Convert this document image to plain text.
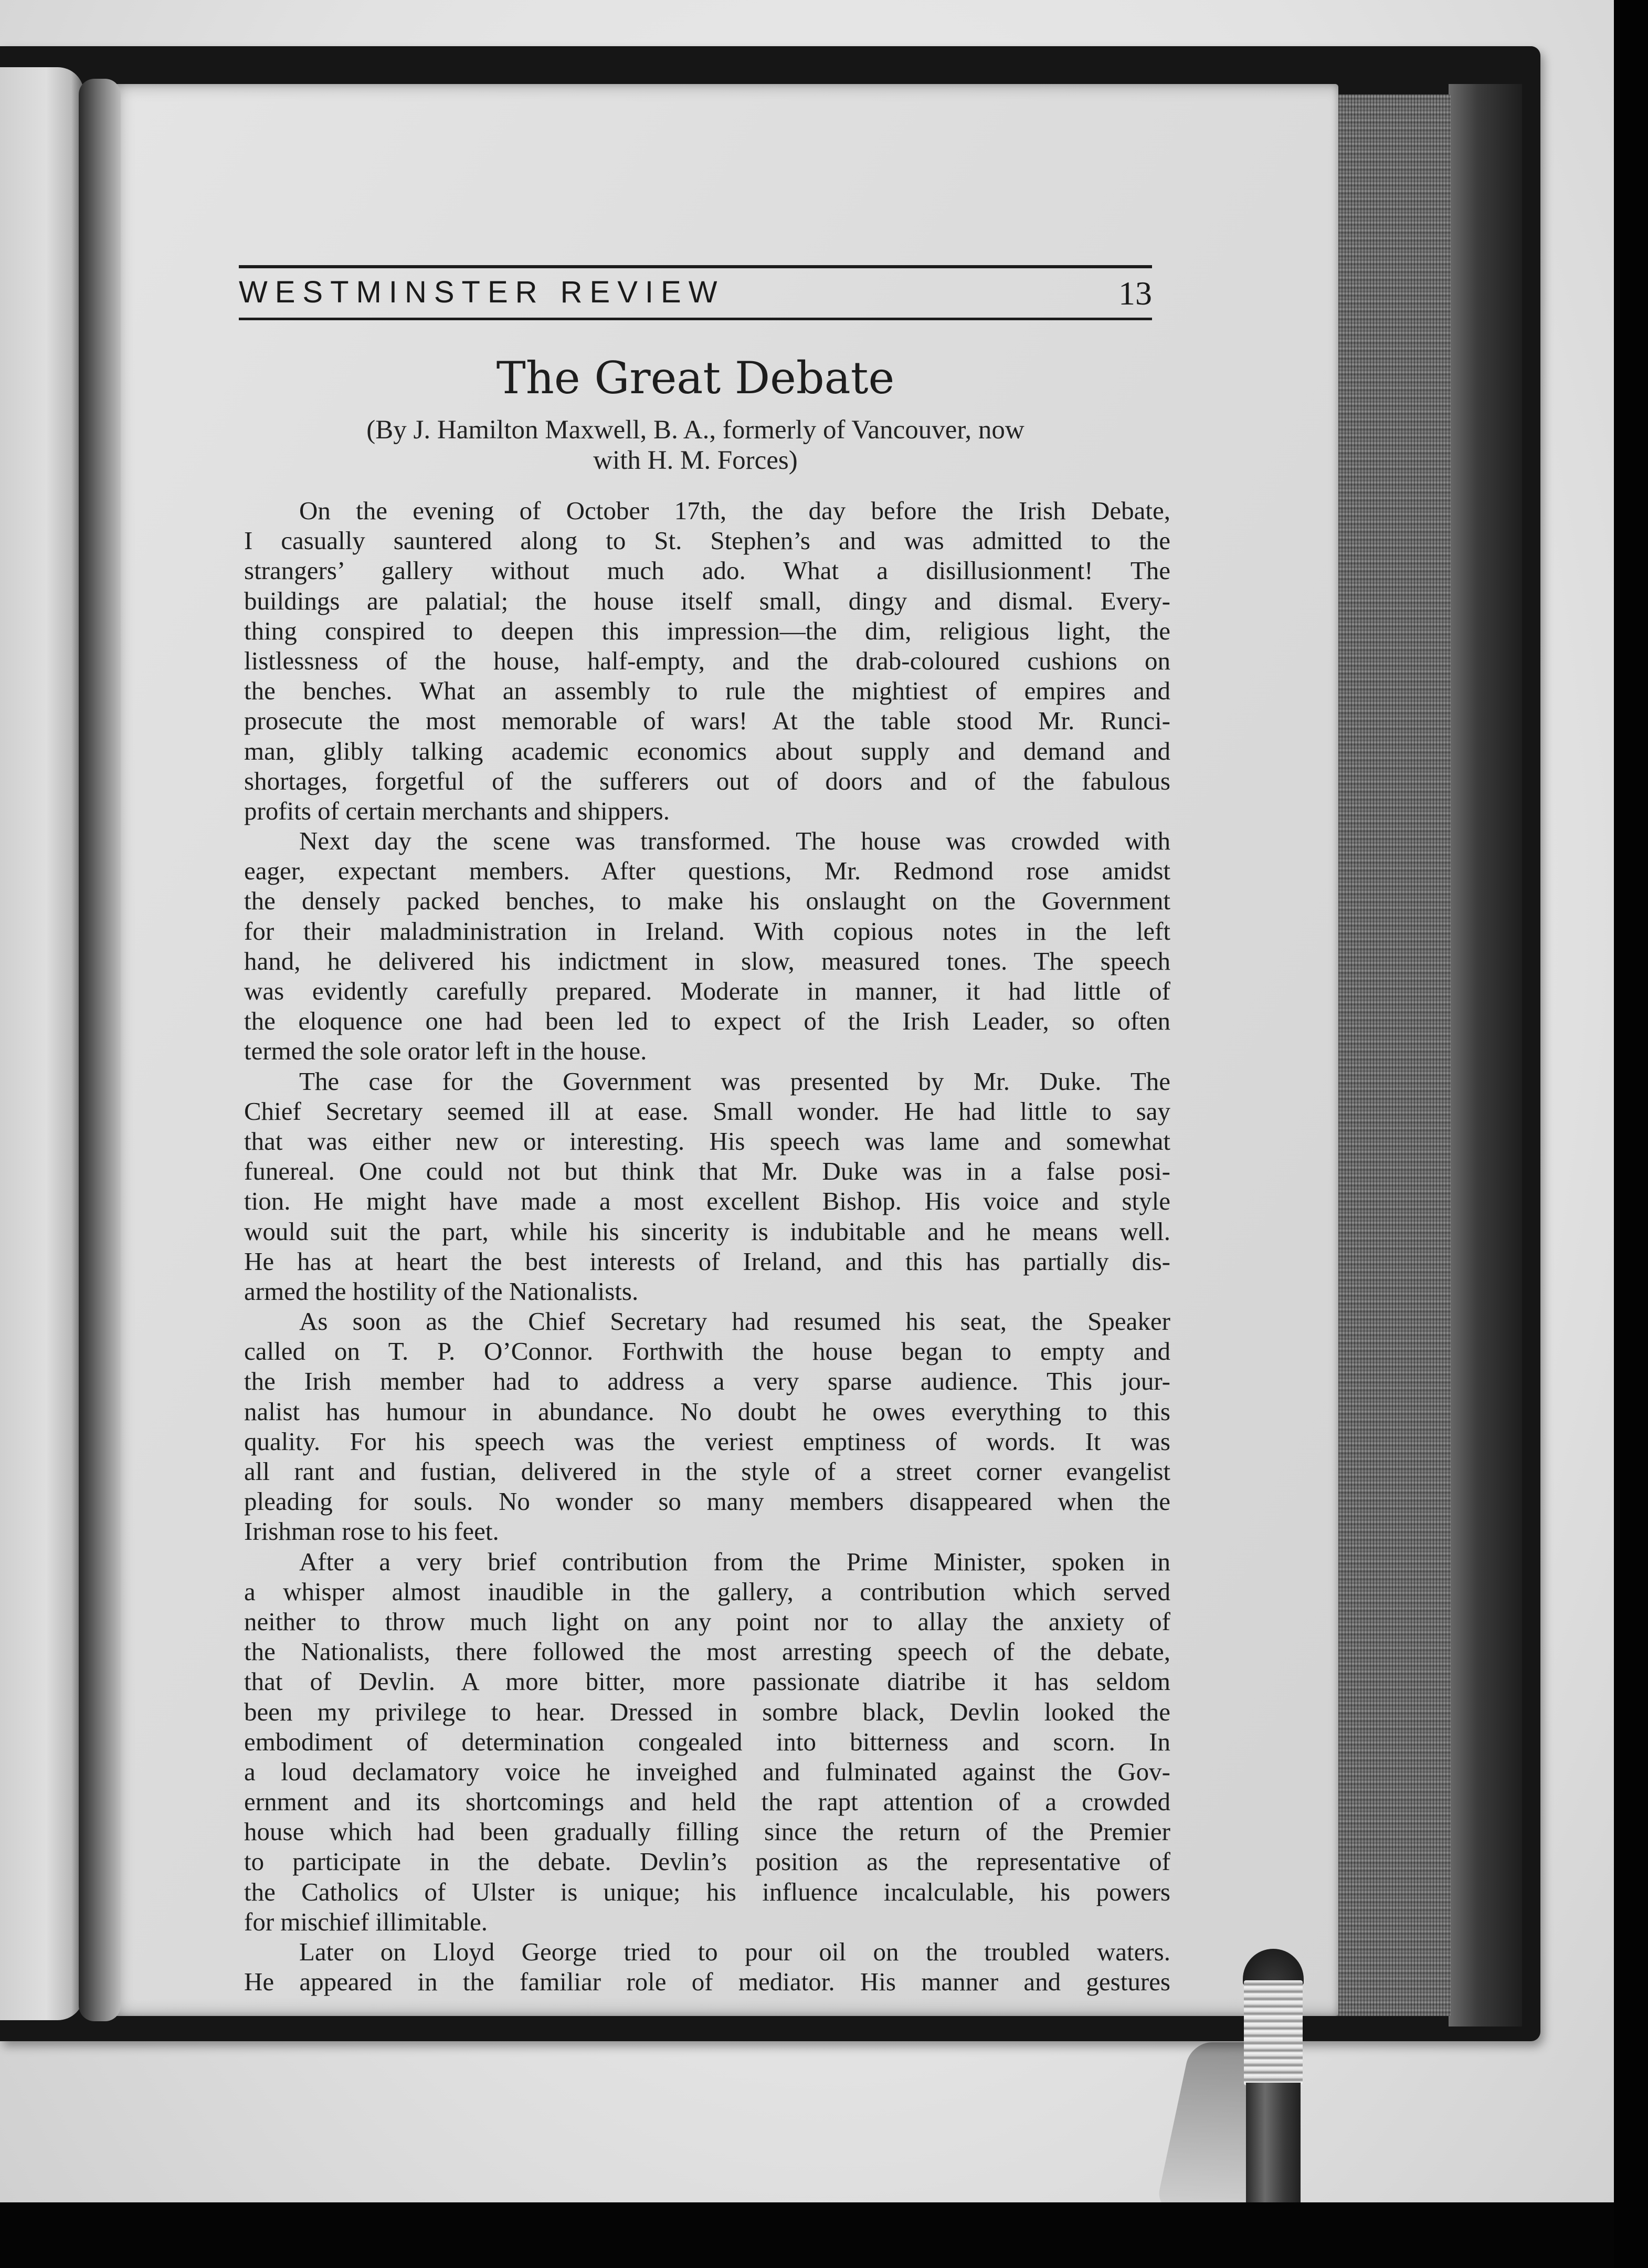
WESTMINSTER REVIEW	13
The Great Debate
(By J. Hamilton Maxwell, B. A., formerly of Vancouver, now
with H. M. Forces)
On the evening of October 17th, the day before the Irish Debate,
I casually sauntered along to St. Stephen’s and was admitted to the
strangers’ gallery without much ado. What a disillusionment! The
buildings are palatial; the house itself small, dingy and dismal. Every-
thing conspired to deepen this impression—the dim, religious light, the
listlessness of the house, half-empty, and the drab-coloured cushions on
the benches. What an assembly to rule the mightiest of empires and
prosecute the most memorable of wars! At the table stood Mr. Runci-
man, glibly talking academic economics about supply and demand and
shortages, forgetful of the sufferers out of doors and of the fabulous
profits of certain merchants and shippers.
Next day the scene was transformed. The house was crowded with
eager, expectant members. After questions, Mr. Redmond rose amidst
the densely packed benches, to make his onslaught on the Government
for their maladministration in Ireland. With copious notes in the left
hand, he delivered his indictment in slow, measured tones. The speech
was evidently carefully prepared. Moderate in manner, it had little of
the eloquence one had been led to expect of the Irish Leader, so often
termed the sole orator left in the house.
The case for the Government was presented by Mr. Duke. The
Chief Secretary seemed ill at ease. Small wonder. He had little to say
that was either new or interesting. His speech was lame and somewhat
funereal. One could not but think that Mr. Duke was in a false posi-
tion. He might have made a most excellent Bishop. His voice and style
would suit the part, while his sincerity is indubitable and he means well.
He has at heart the best interests of Ireland, and this has partially dis-
armed the hostility of the Nationalists.
As soon as the Chief Secretary had resumed his seat, the Speaker
called on T. P. O’Connor. Forthwith the house began to empty and
the Irish member had to address a very sparse audience. This jour-
nalist has humour in abundance. No doubt he owes everything to this
quality. For his speech was the veriest emptiness of words. It was
all rant and fustian, delivered in the style of a street corner evangelist
pleading for souls. No wonder so many members disappeared when the
Irishman rose to his feet.
After a very brief contribution from the Prime Minister, spoken in
a whisper almost inaudible in the gallery, a contribution which served
neither to throw much light on any point nor to allay the anxiety of
the Nationalists, there followed the most arresting speech of the debate,
that of Devlin. A more bitter, more passionate diatribe it has seldom
been my privilege to hear. Dressed in sombre black, Devlin looked the
embodiment of determination congealed into bitterness and scorn. In
a loud declamatory voice he inveighed and fulminated against the Gov-
ernment and its shortcomings and held the rapt attention of a crowded
house which had been gradually filling since the return of the Premier
to participate in the debate. Devlin’s position as the representative of
the Catholics of Ulster is unique; his influence incalculable, his powers
for mischief illimitable.
Later on Lloyd George tried to pour oil on the troubled waters.
He appeared in the familiar role of mediator. His manner and gestures
